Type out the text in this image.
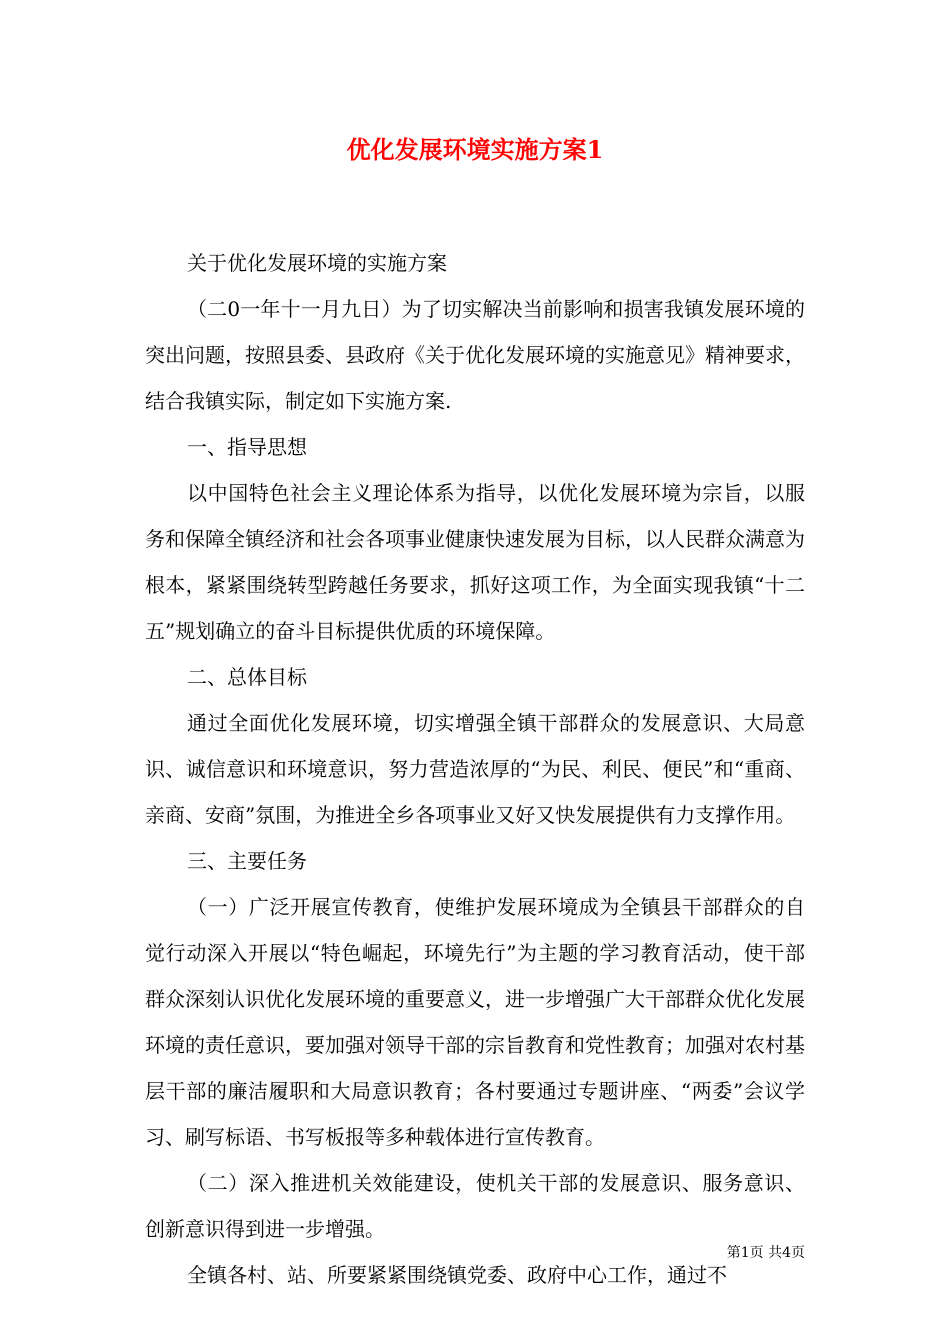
优化发展环境实施方案1

关于优化发展环境的实施方案

（二0一年十一月九日）为了切实解决当前影响和损害我镇发展环境的突出问题，按照县委、县政府《关于优化发展环境的实施意见》精神要求，结合我镇实际，制定如下实施方案.

一、指导思想

以中国特色社会主义理论体系为指导，以优化发展环境为宗旨，以服务和保障全镇经济和社会各项事业健康快速发展为目标，以人民群众满意为根本，紧紧围绕转型跨越任务要求，抓好这项工作，为全面实现我镇“十二五”规划确立的奋斗目标提供优质的环境保障。

二、总体目标

通过全面优化发展环境，切实增强全镇干部群众的发展意识、大局意识、诚信意识和环境意识，努力营造浓厚的“为民、利民、便民”和“重商、亲商、安商”氛围，为推进全乡各项事业又好又快发展提供有力支撑作用。

三、主要任务

（一）广泛开展宣传教育，使维护发展环境成为全镇县干部群众的自觉行动深入开展以“特色崛起，环境先行”为主题的学习教育活动，使干部群众深刻认识优化发展环境的重要意义，进一步增强广大干部群众优化发展环境的责任意识，要加强对领导干部的宗旨教育和党性教育；加强对农村基层干部的廉洁履职和大局意识教育；各村要通过专题讲座、“两委”会议学习、刷写标语、书写板报等多种载体进行宣传教育。

（二）深入推进机关效能建设，使机关干部的发展意识、服务意识、创新意识得到进一步增强。

全镇各村、站、所要紧紧围绕镇党委、政府中心工作，通过不

第1页 共4页
